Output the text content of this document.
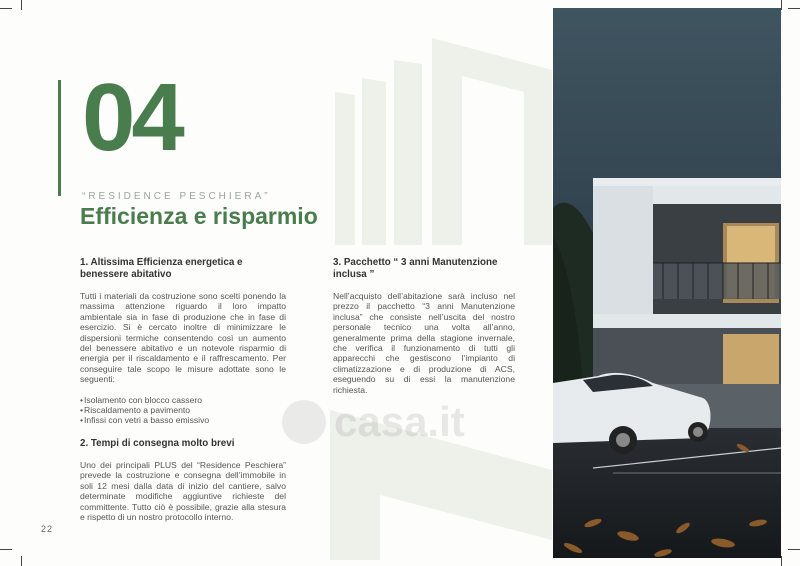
04
“RESIDENCE PESCHIERA”
Efficienza e risparmio
1. Altissima Efficienza energetica e benessere abitativo

Tutti i materiali da costruzione sono scelti ponendo la massima attenzione riguardo il loro impatto ambientale sia in fase di produzione che in fase di esercizio. Si è cercato inoltre di minimizzare le dispersioni termiche consentendo così un aumento del benessere abitativo e un notevole risparmio di energia per il riscaldamento e il raffrescamento. Per conseguire tale scopo le misure adottate sono le seguenti:

• Isolamento con blocco cassero
• Riscaldamento a pavimento
• Infissi con vetri a basso emissivo
2. Tempi di consegna molto brevi

Uno dei principali PLUS del “Residence Peschiera” prevede la costruzione e consegna dell’immobile in soli 12 mesi dalla data di inizio del cantiere, salvo determinate modifiche aggiuntive richieste del committente. Tutto ciò è possibile, grazie alla stesura e rispetto di un nostro protocollo interno.

3. Pacchetto “ 3 anni Manutenzione inclusa ”

Nell’acquisto dell’abitazione sarà incluso nel prezzo il pacchetto “3 anni Manutenzione inclusa” che consiste nell’uscita del nostro personale tecnico una volta all’anno, generalmente prima della stagione invernale, che verifica il funzionamento di tutti gli apparecchi che gestiscono l’impianto di climatizzazione e di produzione di ACS, eseguendo su di essi la manutenzione richiesta.

casa.it
22
